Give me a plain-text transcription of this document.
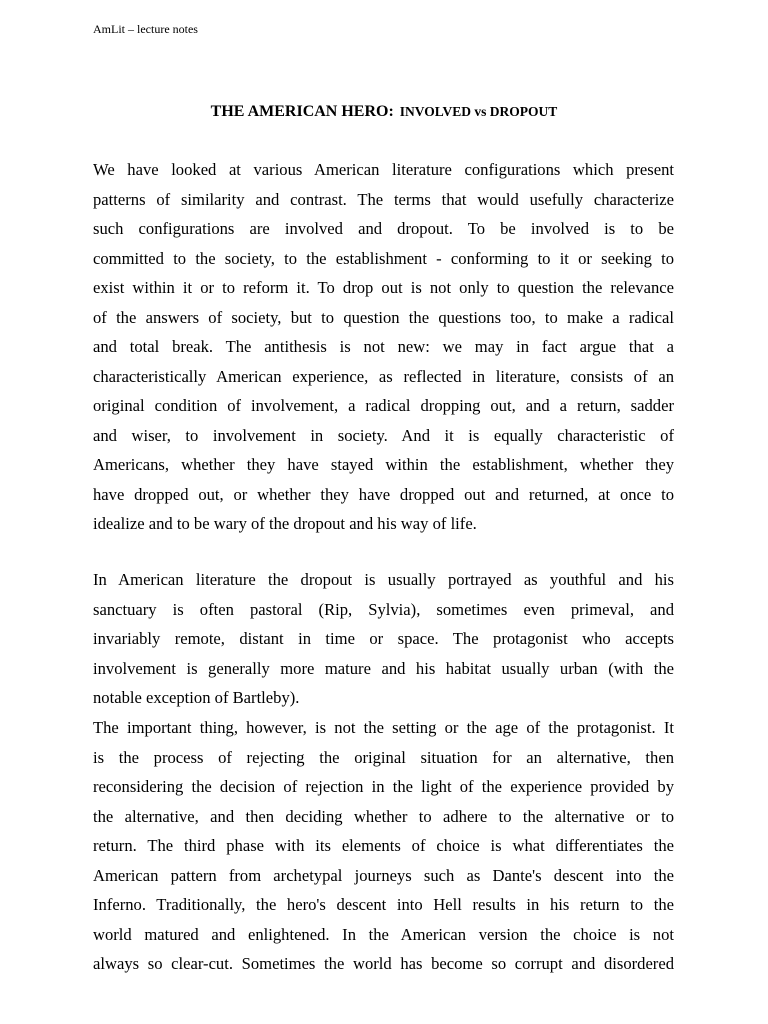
AmLit – lecture notes
THE AMERICAN HERO: INVOLVED vs DROPOUT
We have looked at various American literature configurations which present
patterns of similarity and contrast. The terms that would usefully characterize
such configurations are involved and dropout. To be involved is to be
committed to the society, to the establishment - conforming to it or seeking to
exist within it or to reform it. To drop out is not only to question the relevance
of the answers of society, but to question the questions too, to make a radical
and total break. The antithesis is not new: we may in fact argue that a
characteristically American experience, as reflected in literature, consists of an
original condition of involvement, a radical dropping out, and a return, sadder
and wiser, to involvement in society. And it is equally characteristic of
Americans, whether they have stayed within the establishment, whether they
have dropped out, or whether they have dropped out and returned, at once to
idealize and to be wary of the dropout and his way of life.
In American literature the dropout is usually portrayed as youthful and his
sanctuary is often pastoral (Rip, Sylvia), sometimes even primeval, and
invariably remote, distant in time or space. The protagonist who accepts
involvement is generally more mature and his habitat usually urban (with the
notable exception of Bartleby).
The important thing, however, is not the setting or the age of the protagonist. It
is the process of rejecting the original situation for an alternative, then
reconsidering the decision of rejection in the light of the experience provided by
the alternative, and then deciding whether to adhere to the alternative or to
return. The third phase with its elements of choice is what differentiates the
American pattern from archetypal journeys such as Dante's descent into the
Inferno. Traditionally, the hero's descent into Hell results in his return to the
world matured and enlightened. In the American version the choice is not
always so clear-cut. Sometimes the world has become so corrupt and disordered
